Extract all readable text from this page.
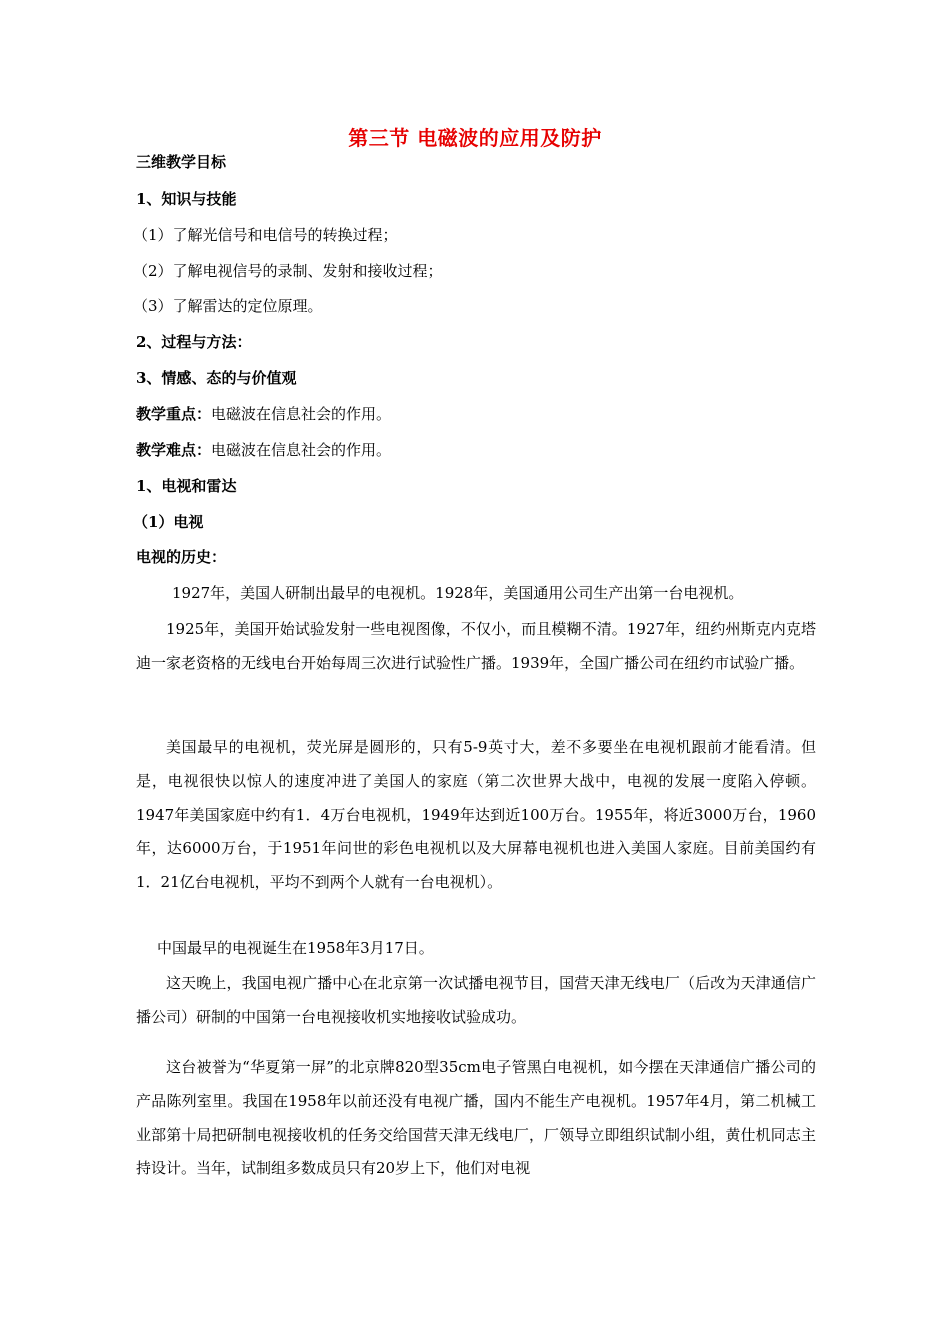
第三节 电磁波的应用及防护
三维教学目标
1、知识与技能
（1）了解光信号和电信号的转换过程；
（2）了解电视信号的录制、发射和接收过程；
（3）了解雷达的定位原理。
2、过程与方法：
3、情感、态的与价值观
教学重点：电磁波在信息社会的作用。
教学难点：电磁波在信息社会的作用。
1、电视和雷达
（1）电视
电视的历史：
1927年，美国人研制出最早的电视机。1928年，美国通用公司生产出第一台电视机。
1925年，美国开始试验发射一些电视图像，不仅小，而且模糊不清。1927年，纽约州斯克内克塔迪一家老资格的无线电台开始每周三次进行试验性广播。1939年，全国广播公司在纽约市试验广播。
美国最早的电视机，荧光屏是圆形的，只有5-9英寸大，差不多要坐在电视机跟前才能看清。但是，电视很快以惊人的速度冲进了美国人的家庭（第二次世界大战中，电视的发展一度陷入停顿。1947年美国家庭中约有1．4万台电视机，1949年达到近100万台。1955年，将近3000万台，1960年，达6000万台，于1951年问世的彩色电视机以及大屏幕电视机也进入美国人家庭。目前美国约有1．21亿台电视机，平均不到两个人就有一台电视机）。
中国最早的电视诞生在1958年3月17日。
这天晚上，我国电视广播中心在北京第一次试播电视节目，国营天津无线电厂（后改为天津通信广播公司）研制的中国第一台电视接收机实地接收试验成功。
这台被誉为“华夏第一屏”的北京牌820型35cm电子管黑白电视机，如今摆在天津通信广播公司的产品陈列室里。我国在1958年以前还没有电视广播，国内不能生产电视机。1957年4月，第二机械工业部第十局把研制电视接收机的任务交给国营天津无线电厂，厂领导立即组织试制小组，黄仕机同志主持设计。当年，试制组多数成员只有20岁上下，他们对电视
